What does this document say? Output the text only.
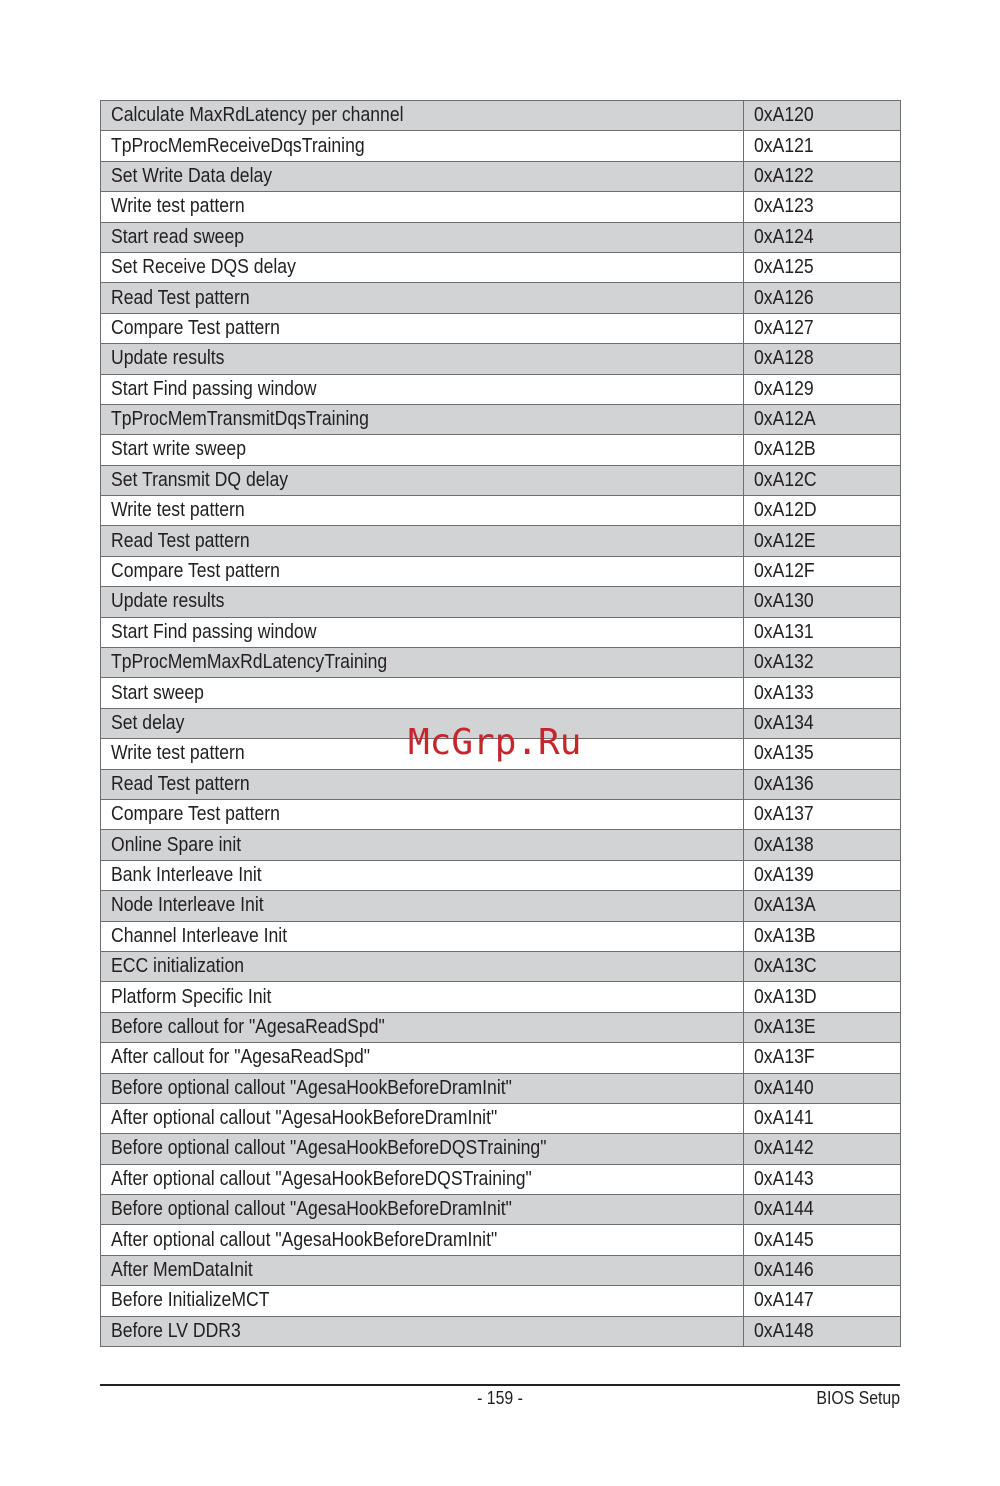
Calculate MaxRdLatency per channel	0xA120
TpProcMemReceiveDqsTraining	0xA121
Set Write Data delay	0xA122
Write test pattern	0xA123
Start read sweep	0xA124
Set Receive DQS delay	0xA125
Read Test pattern	0xA126
Compare Test pattern	0xA127
Update results	0xA128
Start Find passing window	0xA129
TpProcMemTransmitDqsTraining	0xA12A
Start write sweep	0xA12B
Set Transmit DQ delay	0xA12C
Write test pattern	0xA12D
Read Test pattern	0xA12E
Compare Test pattern	0xA12F
Update results	0xA130
Start Find passing window	0xA131
TpProcMemMaxRdLatencyTraining	0xA132
Start sweep	0xA133
Set delay	0xA134
Write test pattern	0xA135
Read Test pattern	0xA136
Compare Test pattern	0xA137
Online Spare init	0xA138
Bank Interleave Init	0xA139
Node Interleave Init	0xA13A
Channel Interleave Init	0xA13B
ECC initialization	0xA13C
Platform Specific Init	0xA13D
Before callout for "AgesaReadSpd"	0xA13E
After callout for "AgesaReadSpd"	0xA13F
Before optional callout "AgesaHookBeforeDramInit"	0xA140
After optional callout "AgesaHookBeforeDramInit"	0xA141
Before optional callout "AgesaHookBeforeDQSTraining"	0xA142
After optional callout "AgesaHookBeforeDQSTraining"	0xA143
Before optional callout "AgesaHookBeforeDramInit"	0xA144
After optional callout "AgesaHookBeforeDramInit"	0xA145
After MemDataInit	0xA146
Before InitializeMCT	0xA147
Before LV DDR3	0xA148
McGrp.Ru
- 159 -	BIOS Setup
